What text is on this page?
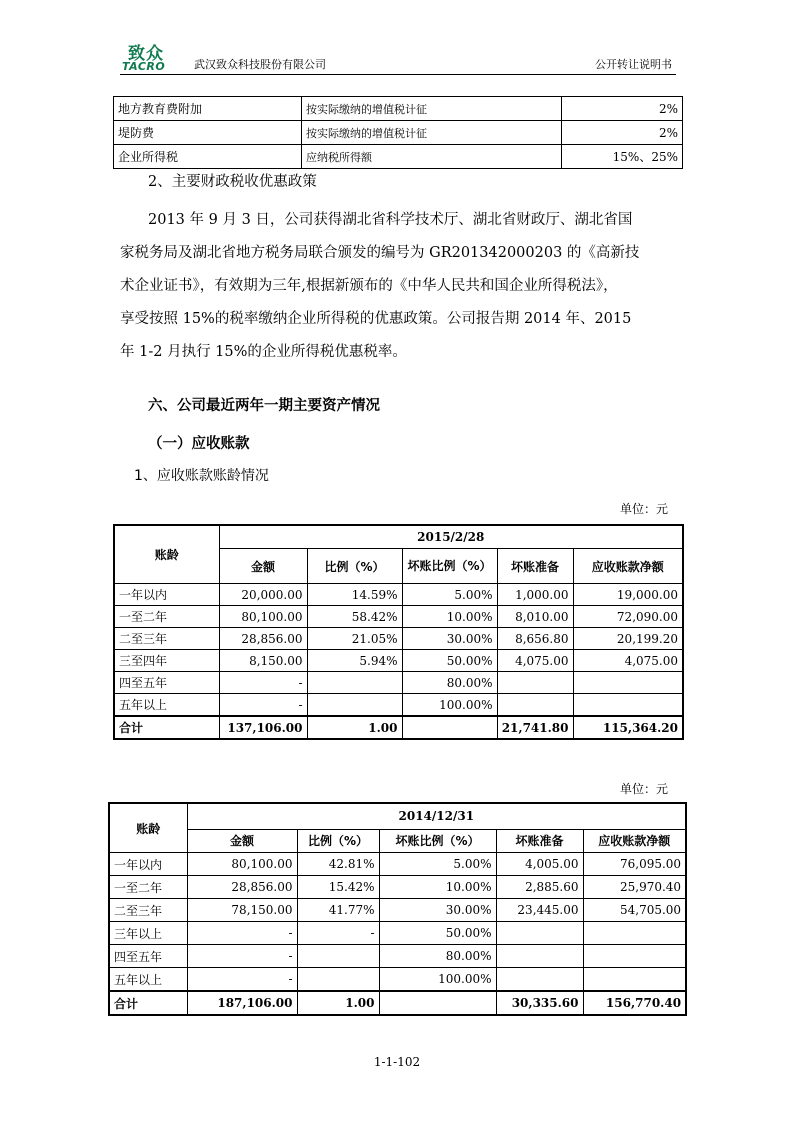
致众
TACRO	武汉致众科技股份有限公司	公开转让说明书
地方教育费附加	按实际缴纳的增值税计征	2%
堤防费	按实际缴纳的增值税计征	2%
企业所得税	应纳税所得额	15%、25%
2、主要财政税收优惠政策
2013 年 9 月 3 日，公司获得湖北省科学技术厅、湖北省财政厅、湖北省国
家税务局及湖北省地方税务局联合颁发的编号为 GR201342000203 的《高新技
术企业证书》，有效期为三年,根据新颁布的《中华人民共和国企业所得税法》，
享受按照 15%的税率缴纳企业所得税的优惠政策。公司报告期 2014 年、2015
年 1-2 月执行 15%的企业所得税优惠税率。
六、公司最近两年一期主要资产情况
（一）应收账款
1、应收账款账龄情况
单位：元
账龄	2015/2/28				
	金额	比例（%）	坏账比例（%）	坏账准备	应收账款净额
一年以内	20,000.00	14.59%	5.00%	1,000.00	19,000.00
一至二年	80,100.00	58.42%	10.00%	8,010.00	72,090.00
二至三年	28,856.00	21.05%	30.00%	8,656.80	20,199.20
三至四年	8,150.00	5.94%	50.00%	4,075.00	4,075.00
四至五年	-		80.00%		
五年以上	-		100.00%		
合计	137,106.00	1.00		21,741.80	115,364.20
单位：元
账龄	2014/12/31				
	金额	比例（%）	坏账比例（%）	坏账准备	应收账款净额
一年以内	80,100.00	42.81%	5.00%	4,005.00	76,095.00
一至二年	28,856.00	15.42%	10.00%	2,885.60	25,970.40
二至三年	78,150.00	41.77%	30.00%	23,445.00	54,705.00
三年以上	-	-	50.00%		
四至五年	-		80.00%		
五年以上	-		100.00%		
合计	187,106.00	1.00		30,335.60	156,770.40
1-1-102
